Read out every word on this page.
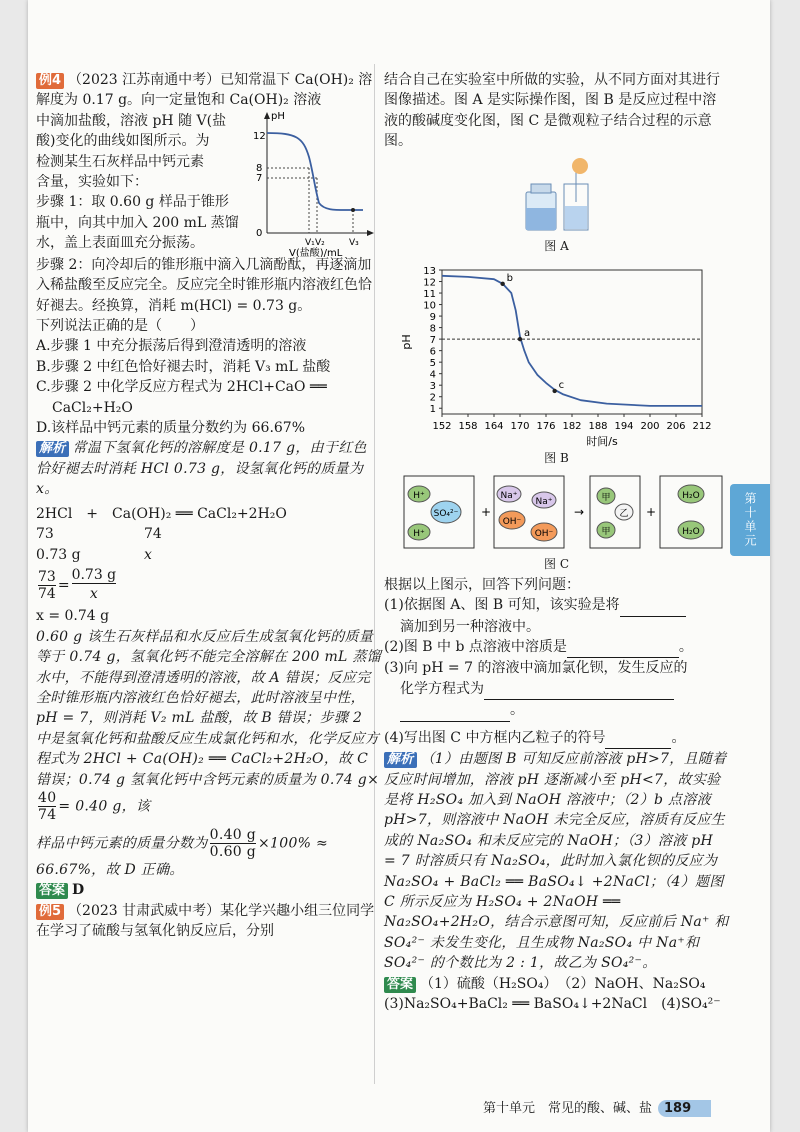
例4 （2023 江苏南通中考）已知常温下 Ca(OH)₂ 溶解度为 0.17 g。向一定量饱和 Ca(OH)₂ 溶液

中滴加盐酸，溶液 pH 随 V(盐

酸)变化的曲线如图所示。为

检测某生石灰样品中钙元素

含量，实验如下：

步骤 1：取 0.60 g 样品于锥形

瓶中，向其中加入 200 mL 蒸馏

水，盖上表面皿充分振荡。

pH
12
8
7
0
V₁ V₂	V₃
V(盐酸)/mL

步骤 2：向冷却后的锥形瓶中滴入几滴酚酞，再逐滴加入稀盐酸至反应完全。反应完全时锥形瓶内溶液红色恰好褪去。经换算，消耗 m(HCl) = 0.73 g。

下列说法正确的是（　　）

A.步骤 1 中充分振荡后得到澄清透明的溶液

B.步骤 2 中红色恰好褪去时，消耗 V₃ mL 盐酸

C.步骤 2 中化学反应方程式为 2HCl+CaO ══

CaCl₂+H₂O

D.该样品中钙元素的质量分数约为 66.67%

解析 常温下氢氧化钙的溶解度是 0.17 g，由于红色恰好褪去时消耗 HCl 0.73 g，设氢氧化钙的质量为 x。

2HCl　+　Ca(OH)₂ ══ CaCl₂+2H₂O

73	74

0.73 g	x

$\frac{73}{74} = \frac{0.73 g}{x}$

x = 0.74 g

0.60 g 该生石灰样品和水反应后生成氢氧化钙的质量等于 0.74 g，氢氧化钙不能完全溶解在 200 mL 蒸馏水中，不能得到澄清透明的溶液，故 A 错误；反应完全时锥形瓶内溶液红色恰好褪去，此时溶液呈中性，pH = 7，则消耗 V₂ mL 盐酸，故 B 错误；步骤 2 中是氢氧化钙和盐酸反应生成氯化钙和水，化学反应方程式为 2HCl + Ca(OH)₂ ══ CaCl₂+2H₂O，故 C 错误；0.74 g 氢氧化钙中含钙元素的质量为 0.74 g×
$\frac{40}{74} = 0.40$ g，该

样品中钙元素的质量分数为 $\frac{0.40 g}{0.60 g} \times 100\%$ ≈

66.67%，故 D 正确。

答案 D

例5 （2023 甘肃武威中考）某化学兴趣小组三位同学在学习了硫酸与氢氧化钠反应后，分别

结合自己在实验室中所做的实验，从不同方面对其进行图像描述。图 A 是实际操作图，图 B 是反应过程中溶液的酸碱度变化图，图 C 是微观粒子结合过程的示意图。

图 A

1
2
3
4
5
6
7
8
9
10
11
12
13
152 158 164 170 176 182 188 194 200 206 212
pH
时间/s
b
a
c

图 B

H⁺
SO₄²⁻
H⁺
+
Na⁺
Na⁺
OH⁻
OH⁻
→
甲
乙
甲
+
H₂O
H₂O

图 C

根据以上图示，回答下列问题：

(1)依据图 A、图 B 可知，该实验是将

滴加到另一种溶液中。

(2)图 B 中 b 点溶液中溶质是	。

(3)向 pH = 7 的溶液中滴加氯化钡，发生反应的

化学方程式为

。

(4)写出图 C 中方框内乙粒子的符号	。

解析 （1）由题图 B 可知反应前溶液 pH>7，且随着反应时间增加，溶液 pH 逐渐减小至 pH<7，故实验是将 H₂SO₄ 加入到 NaOH 溶液中；（2）b 点溶液 pH>7，则溶液中 NaOH 未完全反应，溶质有反应生成的 Na₂SO₄ 和未反应完的 NaOH；（3）溶液 pH = 7 时溶质只有 Na₂SO₄，此时加入氯化钡的反应为 Na₂SO₄ + BaCl₂ ══ BaSO₄↓ +2NaCl；（4）题图 C 所示反应为 H₂SO₄ + 2NaOH ══ Na₂SO₄+2H₂O，结合示意图可知，反应前后 Na⁺ 和 SO₄²⁻ 未发生变化，且生成物 Na₂SO₄ 中 Na⁺和 SO₄²⁻ 的个数比为 2 : 1，故乙为 SO₄²⁻。

答案 （1）硫酸（H₂SO₄）　（2）NaOH、Na₂SO₄

(3)Na₂SO₄+BaCl₂ ══ BaSO₄↓+2NaCl　(4)SO₄²⁻

第十单元
第十单元　常见的酸、碱、盐 189
